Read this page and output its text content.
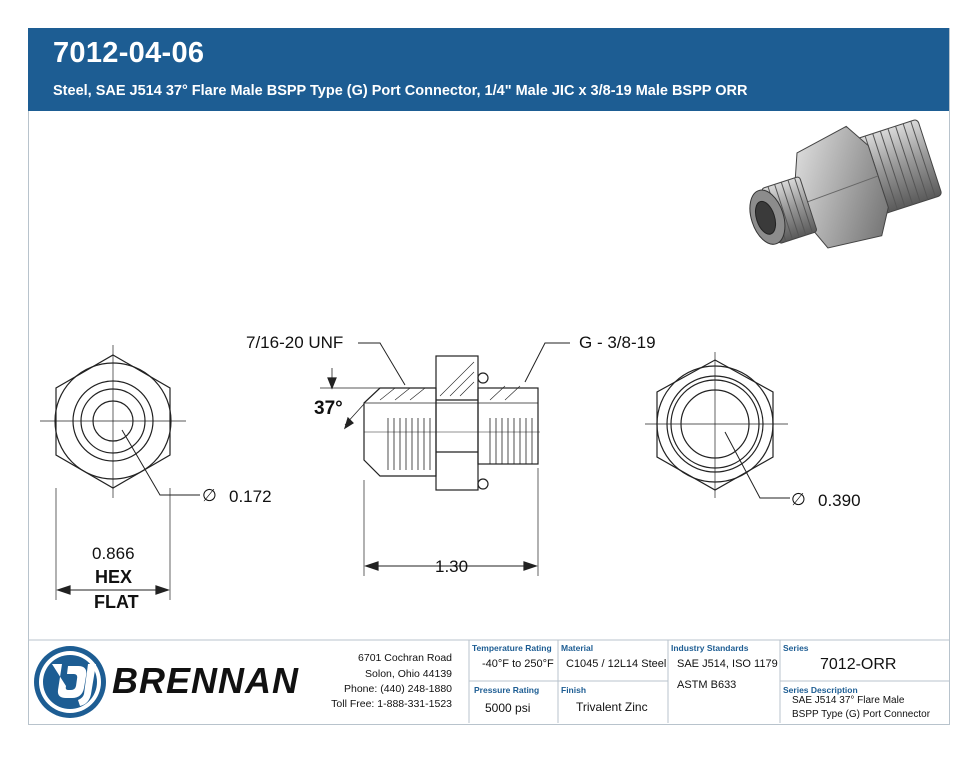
7012-04-06
Steel, SAE J514 37° Flare Male BSPP Type (G) Port Connector, 1/4" Male JIC x 3/8-19 Male BSPP ORR
7/16-20 UNF	G - 3/8-19
37°
∅ 0.172	∅ 0.390
0.866
HEX
FLAT
1.30
BRENNAN
6701 Cochran Road
Solon, Ohio 44139
Phone: (440) 248-1880
Toll Free: 1-888-331-1523
Temperature Rating
-40°F to 250°F
Material
C1045 / 12L14 Steel
Industry Standards
SAE J514, ISO 1179
ASTM B633
Series
7012-ORR
Pressure Rating
5000 psi
Finish
Trivalent Zinc
Series Description
SAE J514 37° Flare Male
BSPP Type (G) Port Connector
